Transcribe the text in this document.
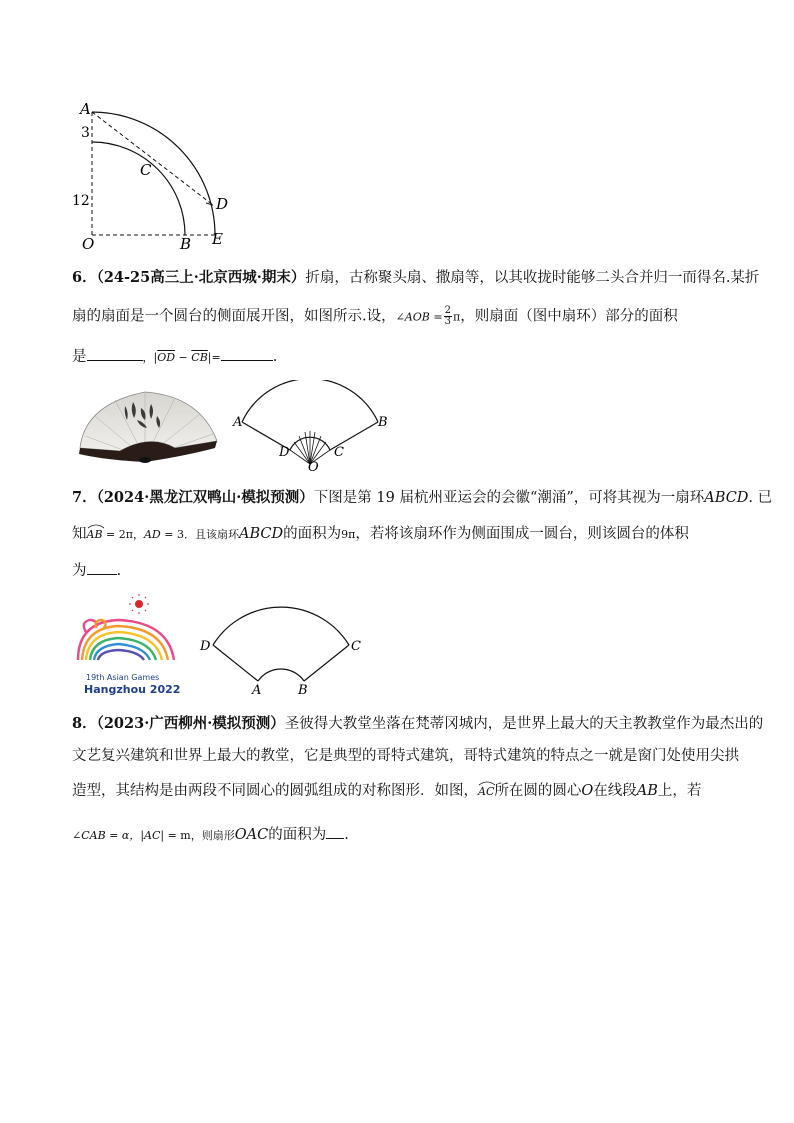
A
3
C
12	D
O	B E
6．（24-25高三上·北京西城·期末）折扇，古称聚头扇、撒扇等，以其收拢时能够二头合并归一而得名.某折
扇的扇面是一个圆台的侧面展开图，如图所示.设，∠AOB = $\frac{2}{3}$ π，则扇面（图中扇环）部分的面积
是	，$|\overline{OD} - \overline{CB}|=$	.
A	B
D	C
O
7．（2024·黑龙江双鸭山·模拟预测）下图是第 19 届杭州亚运会的会徽“潮涌”，可将其视为一扇环ABCD. 已
知AB
= 2π，AD = 3．且该扇环ABCD的面积为9π，若将该扇环作为侧面围成一圆台，则该圆台的体积
为 .
19th Asian Games
Hangzhou 2022
D	C
A	B
8．（2023·广西柳州·模拟预测）圣彼得大教堂坐落在梵蒂冈城内，是世界上最大的天主教教堂作为最杰出的
文艺复兴建筑和世界上最大的教堂，它是典型的哥特式建筑，哥特式建筑的特点之一就是窗门处使用尖拱
造型，其结构是由两段不同圆心的圆弧组成的对称图形．如图，AC
所在圆的圆心O在线段AB上，若
∠CAB = α，|AC| = m，则扇形OAC的面积为 .
